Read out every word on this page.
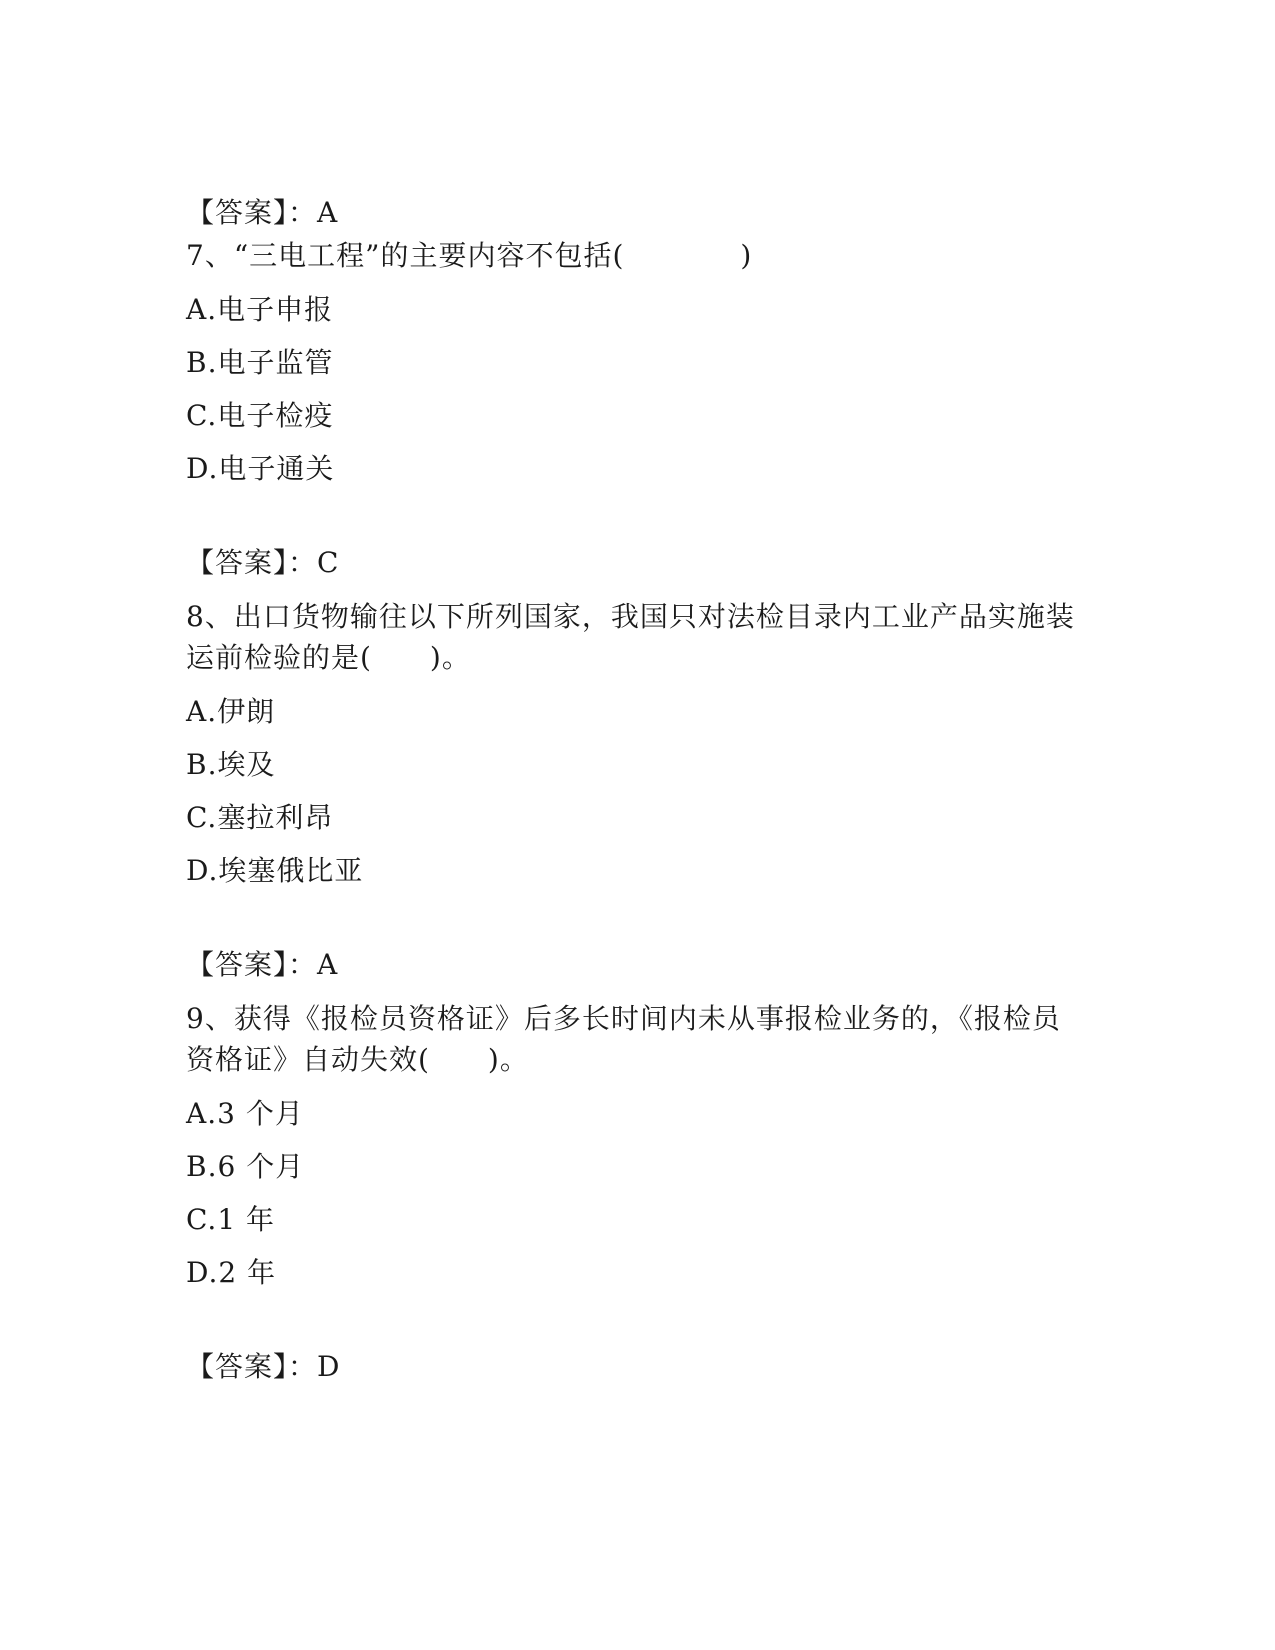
【答案】：A
7、“三电工程”的主要内容不包括(　　　　)
A.电子申报
B.电子监管
C.电子检疫
D.电子通关
【答案】：C
8、出口货物输往以下所列国家，我国只对法检目录内工业产品实施装
运前检验的是(　　)。
A.伊朗
B.埃及
C.塞拉利昂
D.埃塞俄比亚
【答案】：A
9、获得《报检员资格证》后多长时间内未从事报检业务的，《报检员
资格证》自动失效(　　)。
A.3 个月
B.6 个月
C.1 年
D.2 年
【答案】：D
